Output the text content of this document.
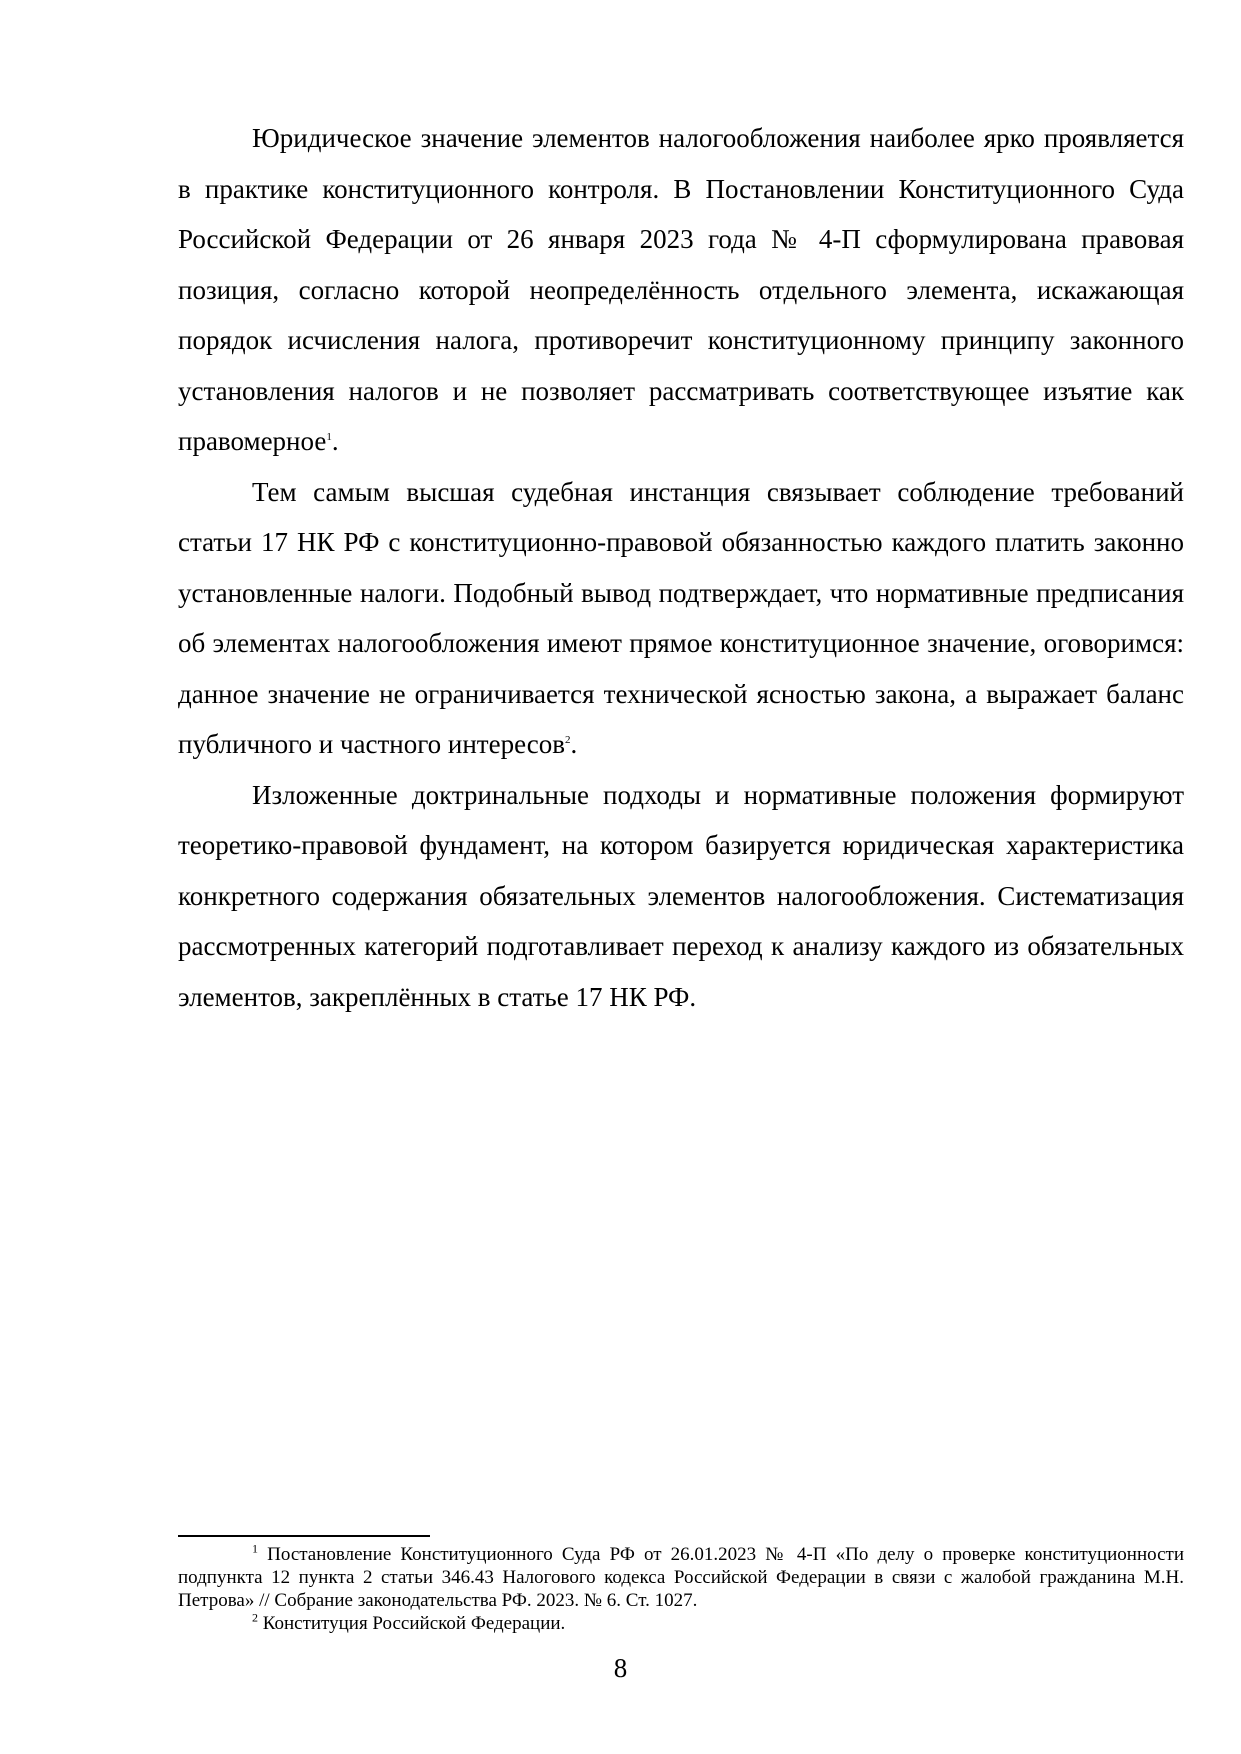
Юридическое значение элементов налогообложения наиболее ярко проявляется в практике конституционного контроля. В Постановлении Конституционного Суда Российской Федерации от 26 января 2023 года № 4-П сформулирована правовая позиция, согласно которой неопределённость отдельного элемента, искажающая порядок исчисления налога, противоречит конституционному принципу законного установления налогов и не позволяет рассматривать соответствующее изъятие как правомерное$^1$.

Тем самым высшая судебная инстанция связывает соблюдение требований статьи 17 НК РФ с конституционно-правовой обязанностью каждого платить законно установленные налоги. Подобный вывод подтверждает, что нормативные предписания об элементах налогообложения имеют прямое конституционное значение, оговоримся: данное значение не ограничивается технической ясностью закона, а выражает баланс публичного и частного интересов$^2$.

Изложенные доктринальные подходы и нормативные положения формируют теоретико-правовой фундамент, на котором базируется юридическая характеристика конкретного содержания обязательных элементов налогообложения. Систематизация рассмотренных категорий подготавливает переход к анализу каждого из обязательных элементов, закреплённых в статье 17 НК РФ.

$^1$ Постановление Конституционного Суда РФ от 26.01.2023 № 4-П «По делу о проверке конституционности подпункта 12 пункта 2 статьи 346.43 Налогового кодекса Российской Федерации в связи с жалобой гражданина М.Н. Петрова» // Собрание законодательства РФ. 2023. № 6. Ст. 1027.

$^2$ Конституция Российской Федерации.

8
